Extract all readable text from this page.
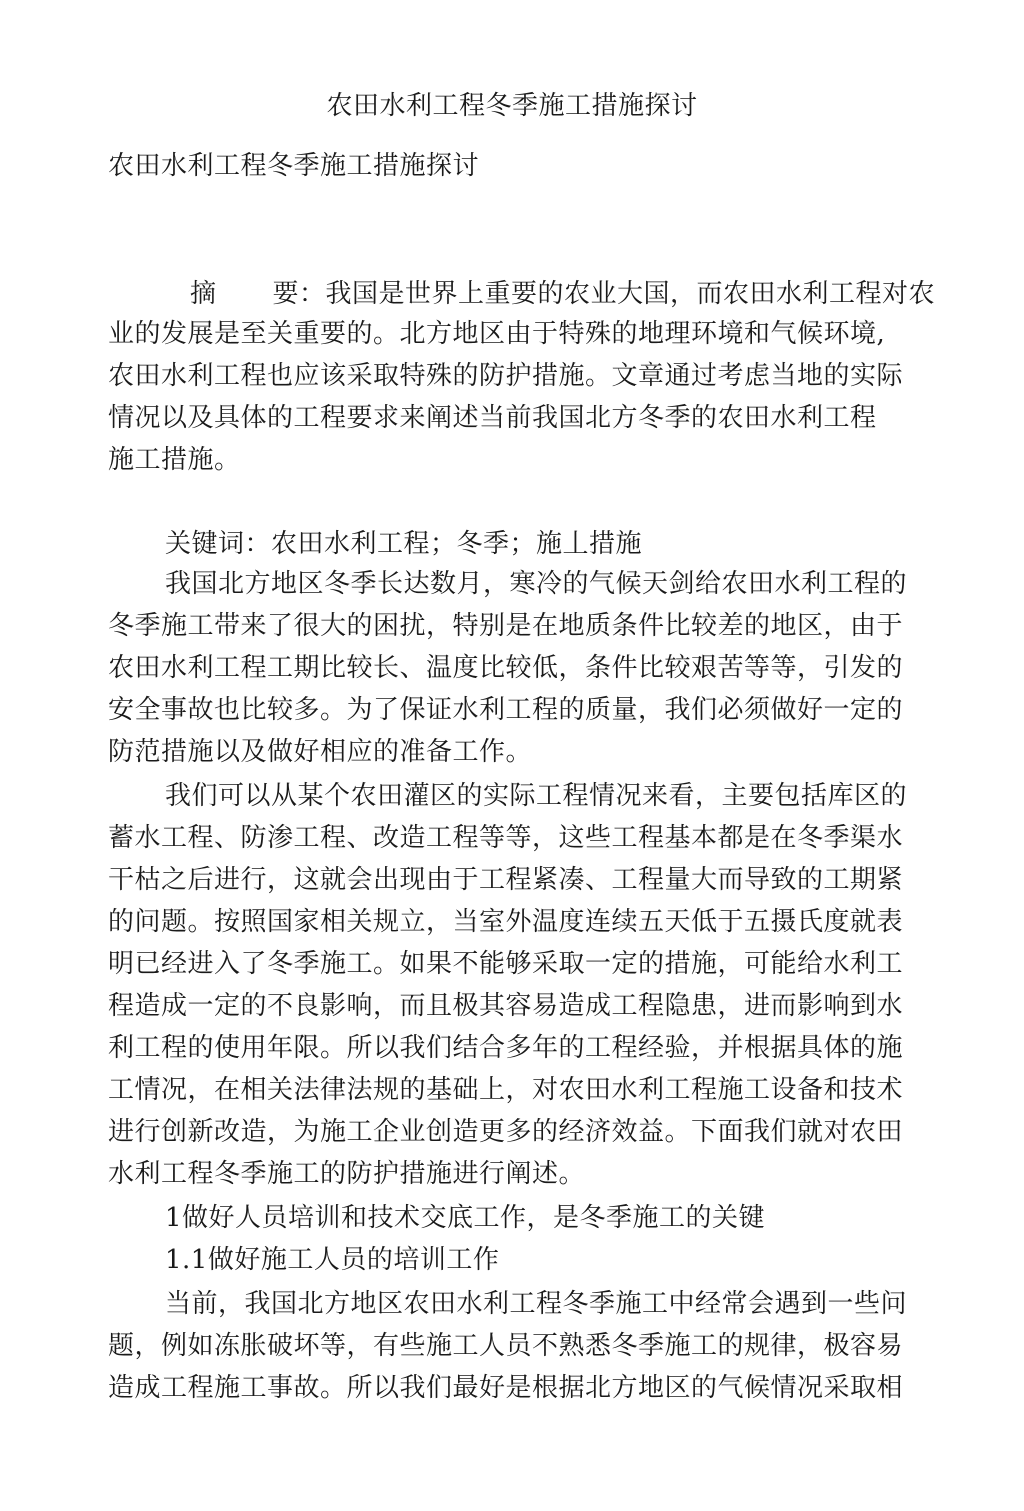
农田水利工程冬季施工措施探讨
农田水利工程冬季施工措施探讨
摘 要：我国是世界上重要的农业大国，而农田水利工程对农
业的发展是至关重要的。北方地区由于特殊的地理环境和气候环境,
农田水利工程也应该采取特殊的防护措施。文章通过考虑当地的实际
情况以及具体的工程要求来阐述当前我国北方冬季的农田水利工程
施工措施。
关键词：农田水利工程；冬季；施丄措施
我国北方地区冬季长达数月，寒冷的气候天剑给农田水利工程的
冬季施工带来了很大的困扰，特别是在地质条件比较差的地区，由于
农田水利工程工期比较长、温度比较低，条件比较艰苦等等，引发的
安全事故也比较多。为了保证水利工程的质量，我们必须做好一定的
防范措施以及做好相应的准备工作。
我们可以从某个农田灌区的实际工程情况来看，主要包括库区的
蓄水工程、防渗工程、改造工程等等，这些工程基本都是在冬季渠水
干枯之后进行，这就会出现由于工程紧凑、工程量大而导致的工期紧
的问题。按照国家相关规立，当室外温度连续五天低于五摄氏度就表
明已经进入了冬季施工。如果不能够采取一定的措施，可能给水利工
程造成一定的不良影响，而且极其容易造成工程隐患，进而影响到水
利工程的使用年限。所以我们结合多年的工程经验，并根据具体的施
工情况，在相关法律法规的基础上，对农田水利工程施工设备和技术
进行创新改造，为施工企业创造更多的经济效益。下面我们就对农田
水利工程冬季施工的防护措施进行阐述。
1做好人员培训和技术交底工作，是冬季施工的关键
1.1做好施工人员的培训工作
当前，我国北方地区农田水利工程冬季施工中经常会遇到一些问
题，例如冻胀破坏等，有些施工人员不熟悉冬季施工的规律，极容易
造成工程施工事故。所以我们最好是根据北方地区的气候情况采取相
